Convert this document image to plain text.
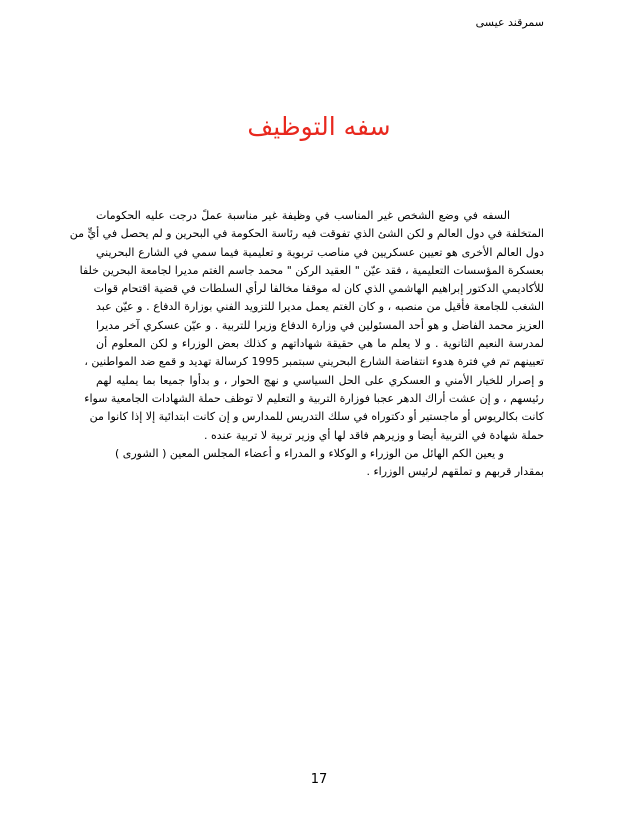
سمرقند عيسى
سفه التوظيف

السفه في وضع الشخص غير المناسب في وظيفة غير مناسبة عملً درجت عليه الحكومات
المتخلفة في دول العالم و لكن الشئ الذي تفوقت فيه رئاسة الحكومة في البحرين و لم يحصل في أيٍّ من
دول العالم الأخرى هو تعيين عسكريين في مناصب تربوية و تعليمية فيما سمي في الشارع البحريني
بعسكرة المؤسسات التعليمية ، فقد عيّن " العقيد الركن " محمد جاسم الغتم مديرا لجامعة البحرين خلفا
للأكاديمي الدكتور إبراهيم الهاشمي الذي كان له موقفا مخالفا لرأي السلطات في قضية اقتحام قوات
الشغب للجامعة فأقيل من منصبه ، و كان الغتم يعمل مديرا للتزويد الفني بوزارة الدفاع . و عيّن عبد
العزيز محمد الفاضل و هو أحد المسئولين في وزارة الدفاع وزيرا للتربية . و عيّن عسكري آخر مديرا
لمدرسة النعيم الثانوية . و لا يعلم ما هي حقيقة شهاداتهم و كذلك بعض الوزراء و لكن المعلوم أن
تعيينهم تم في فترة هدوء انتفاضة الشارع البحريني سبتمبر 1995 كرسالة تهديد و قمع ضد المواطنين ،
و إصرار للخيار الأمني و العسكري على الحل السياسي و نهج الحوار ، و بدأوا جميعا بما يمليه لهم
رئيسهم ، و إن عشت أراك الدهر عجبا فوزارة التربية و التعليم لا توظف حملة الشهادات الجامعية سواء
كانت بكالريوس أو ماجستير أو دكتوراه في سلك التدريس للمدارس و إن كانت ابتدائية إلا إذا كانوا من
حملة شهادة في التربية أيضا و وزيرهم فاقد لها أي وزير تربية لا تربية عنده .
و يعين الكم الهائل من الوزراء و الوكلاء و المدراء و أعضاء المجلس المعين ( الشورى )
بمقدار قربهم و تملقهم لرئيس الوزراء .

17
